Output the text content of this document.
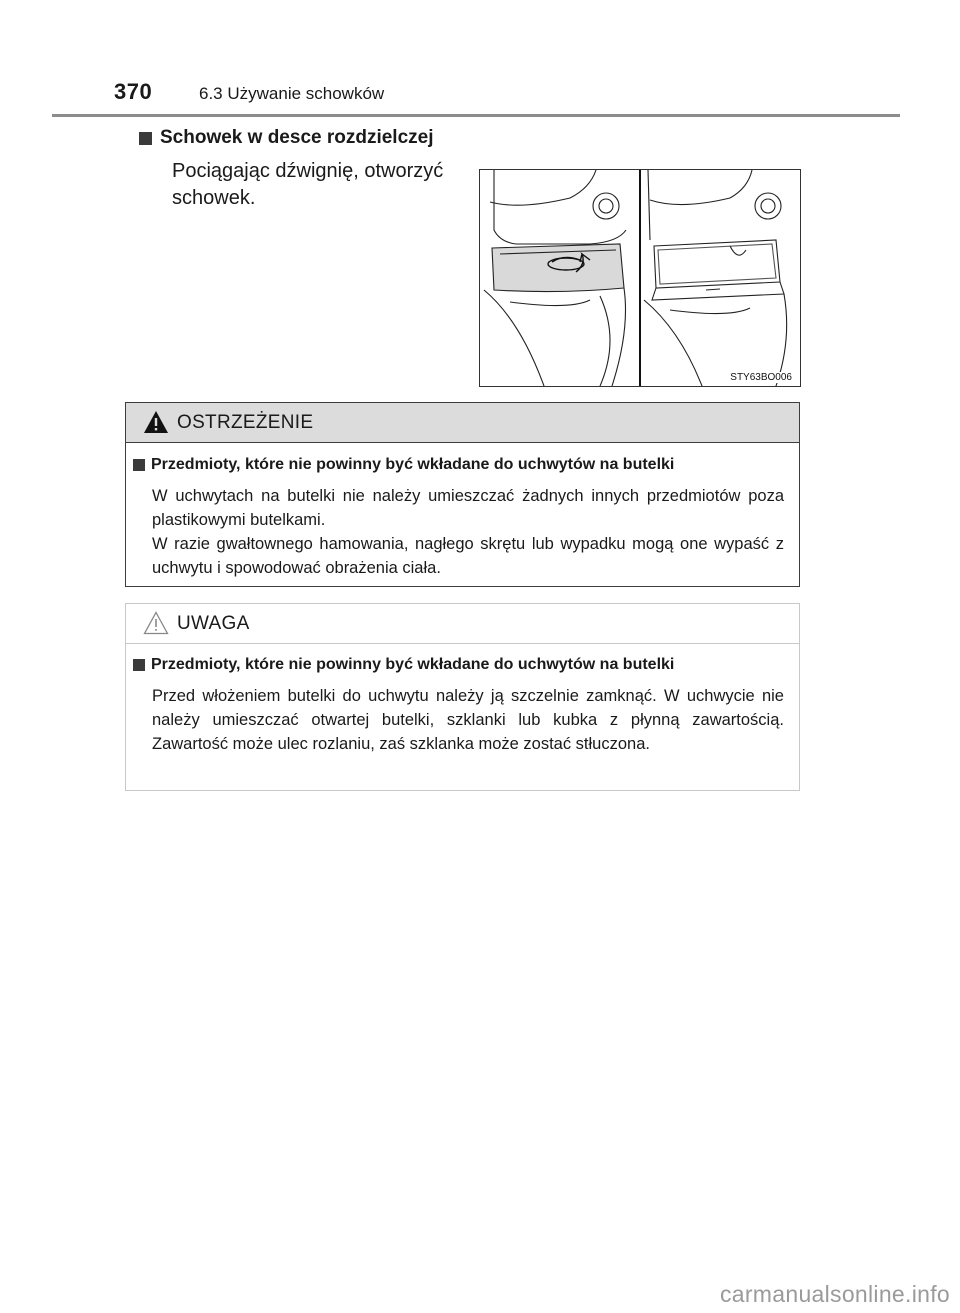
370	6.3 Używanie schowków
Schowek w desce rozdzielczej

Pociągając dźwignię, otworzyć

schowek.

STY63BO006
OSTRZEŻENIE
Przedmioty, które nie powinny być wkładane do uchwytów na butelki

W uchwytach na butelki nie należy umieszczać żadnych innych przedmiotów poza plastikowymi butelkami.

W razie gwałtownego hamowania, nagłego skrętu lub wypadku mogą one wypaść z uchwytu i spowodować obrażenia ciała.

UWAGA
Przedmioty, które nie powinny być wkładane do uchwytów na butelki

Przed włożeniem butelki do uchwytu należy ją szczelnie zamknąć. W uchwycie nie należy umieszczać otwartej butelki, szklanki lub kubka z płynną zawartością. Zawartość może ulec rozlaniu, zaś szklanka może zostać stłuczona.

carmanualsonline.info
